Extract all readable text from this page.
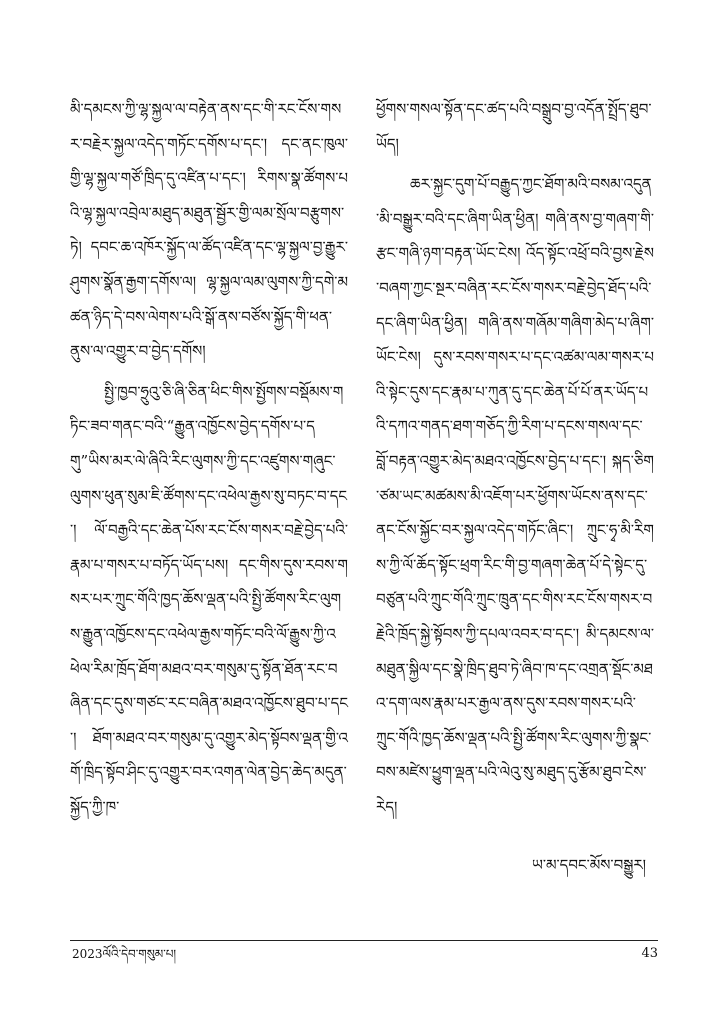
མི་དམངས་ཀྱི་ལྷ་སྐྱལ་ལ་བརྟེན་ནས་དང་གི་རང་ངོས་གསར་བརྗེར་སྐྱལ་འདེད་གཏོང་དགོས་པ་དང་། དང་ནང་ཁུལ་གྱི་ལྷ་སྐྱལ་གཙོ་ཁྲིད་དུ་འཛིན་པ་དང་། རིགས་སྣ་ཚོགས་པའི་ལྷ་སྐྱལ་འབྲེལ་མཐུད་མཐུན་སྦྱོར་གྱི་ལམ་སྲོལ་བརྩུགས་ཏེ། དབང་ཆ་འཁོར་སྐྱོད་ལ་ཚོད་འཛིན་དང་ལྷ་སྐྱལ་བྱ་རྒྱུར་ཤུགས་སྣོན་རྒྱག་དགོས་ལ། ལྷ་སྐྱལ་ལམ་ལུགས་ཀྱི་དགེ་མཚན་ཉིད་དེ་བས་ལེགས་པའི་སྒོ་ནས་བཙོས་སྐྱོད་གི་ཕན་ནུས་ལ་འགྱུར་བ་བྱེད་དགོས།

སྤྱི་ཁྱབ་ཧྲུའུ་ཅི་ཞི་ཅིན་ཕིང་གིས་སྤྱོགས་བསྡོམས་གཏིང་ཟབ་གནང་བའི་“རྒྱུན་འཁྱོངས་བྱེད་དགོས་པ་དགུ”ཡིས་མར་ལེ་ཞིའི་རིང་ལུགས་ཀྱི་དང་འཛུགས་གཞུང་ལུགས་ཕུན་སུམ་ཇི་ཚོགས་དང་འཕེལ་རྒྱས་སུ་བཏང་བ་དང་། ལོ་བརྒྱའི་དང་ཆེན་པོས་རང་ངོས་གསར་བརྗེ་བྱེད་པའི་རྣམ་པ་གསར་པ་བཏོད་ཡོད་པས། དང་གིས་དུས་རབས་གསར་པར་ཀྲུང་གོའི་ཁྱད་ཆོས་ལྡན་པའི་སྤྱི་ཚོགས་རིང་ལུགས་རྒྱུན་འཁྱོངས་དང་འཕེལ་རྒྱས་གཏོང་བའི་ལོ་རྒྱུས་ཀྱི་འཕེལ་རིམ་ཁྲོད་ཐོག་མཐའ་བར་གསུམ་དུ་སྟོན་ཐོན་རང་བཞིན་དང་དུས་གཙང་རང་བཞིན་མཐའ་འཁྱོངས་ཐུབ་པ་དང་། ཐོག་མཐའ་བར་གསུམ་དུ་འགྱུར་མེད་སྟོབས་ལྡན་གྱི་འགོ་ཁྲིད་སྟོབ་ཤིང་དུ་འགྱུར་བར་འགན་ལེན་བྱེད་ཆེད་མདུན་སྐྱོད་ཀྱི་ཁ་

ཕྱོགས་གསལ་སྟོན་དང་ཚད་པའི་བསྒྲུབ་བྱ་འདོན་སྤྲོད་ཐུབ་ཡོད།

ཆར་སྐྱང་དུག་པོ་བརྒྱུད་ཀྱང་ཐོག་མའི་བསམ་འདུན་མི་བསྒྱུར་བའི་དང་ཞིག་ཡིན་ཕྱིན། གཞི་ནས་བྱ་གཞག་གི་རྩང་གཞི་ཉག་བརྟན་ཡོང་ངེས། འོད་སྟོང་འཕྲོ་བའི་བྱས་རྗེས་བཞག་ཀྱང་སྔར་བཞིན་རང་ངོས་གསར་བརྗེ་བྱེད་ཐོད་པའི་དང་ཞིག་ཡིན་ཕྱིན། གཞི་ནས་གཞོམ་གཞིག་མེད་པ་ཞིག་ཡོང་ངེས། དུས་རབས་གསར་པ་དང་འཚམ་ལམ་གསར་པའི་སྟེང་དུས་དང་རྣམ་པ་ཀུན་དུ་དང་ཆེན་པོ་པོ་ནར་ཡོད་པའི་དཀའ་གནད་ཐག་གཅོད་ཀྱི་རིག་པ་དངས་གསལ་དང་བློ་བརྟན་འགྱུར་མེད་མཐའ་འཁྱོངས་བྱེད་པ་དང་། སྐད་ཅིག་ཙམ་ཡང་མཚམས་མི་འཇོག་པར་ཕྱོགས་ཡོངས་ནས་དང་ནང་ངོས་སྐྱོང་བར་སྐྱལ་འདེད་གཏོང་ཞིང་། ཀྲུང་ཧྭ་མི་རིགས་ཀྱི་ལོ་ཆོད་སྟོང་ཕྲག་རིང་གི་བྱ་གཞག་ཆེན་པོ་དེ་སྟེང་དུ་བཙུན་པའི་ཀྲུང་གོའི་ཀྲུང་ཁྲུན་དང་གིས་རང་ངོས་གསར་བརྗེའི་ཁྲོད་སྐྱེ་སྟོབས་ཀྱི་དཔལ་འབར་བ་དང་། མི་དམངས་ལ་མཐུན་སྐྱིལ་དང་སྣེ་ཁྲིད་ཐུབ་ཏེ་ཞིབ་ཁ་དང་འགྲན་སྡོང་མཐའ་དག་ལས་རྣམ་པར་རྒྱལ་ནས་དུས་རབས་གསར་པའི་ཀྲུང་གོའི་ཁྱད་ཆོས་ལྡན་པའི་སྤྱི་ཚོགས་རིང་ལུགས་ཀྱི་སྣང་བས་མཛེས་ཕྱུག་ལྡན་པའི་ལེའུ་སུ་མཐུད་དུ་རྩོམ་ཐུབ་ངེས་རེད།

ཡ་མ་དབང་མོས་བསྒྱུར།
2023ལོའི་དེབ་གསུམ་པ།	43
